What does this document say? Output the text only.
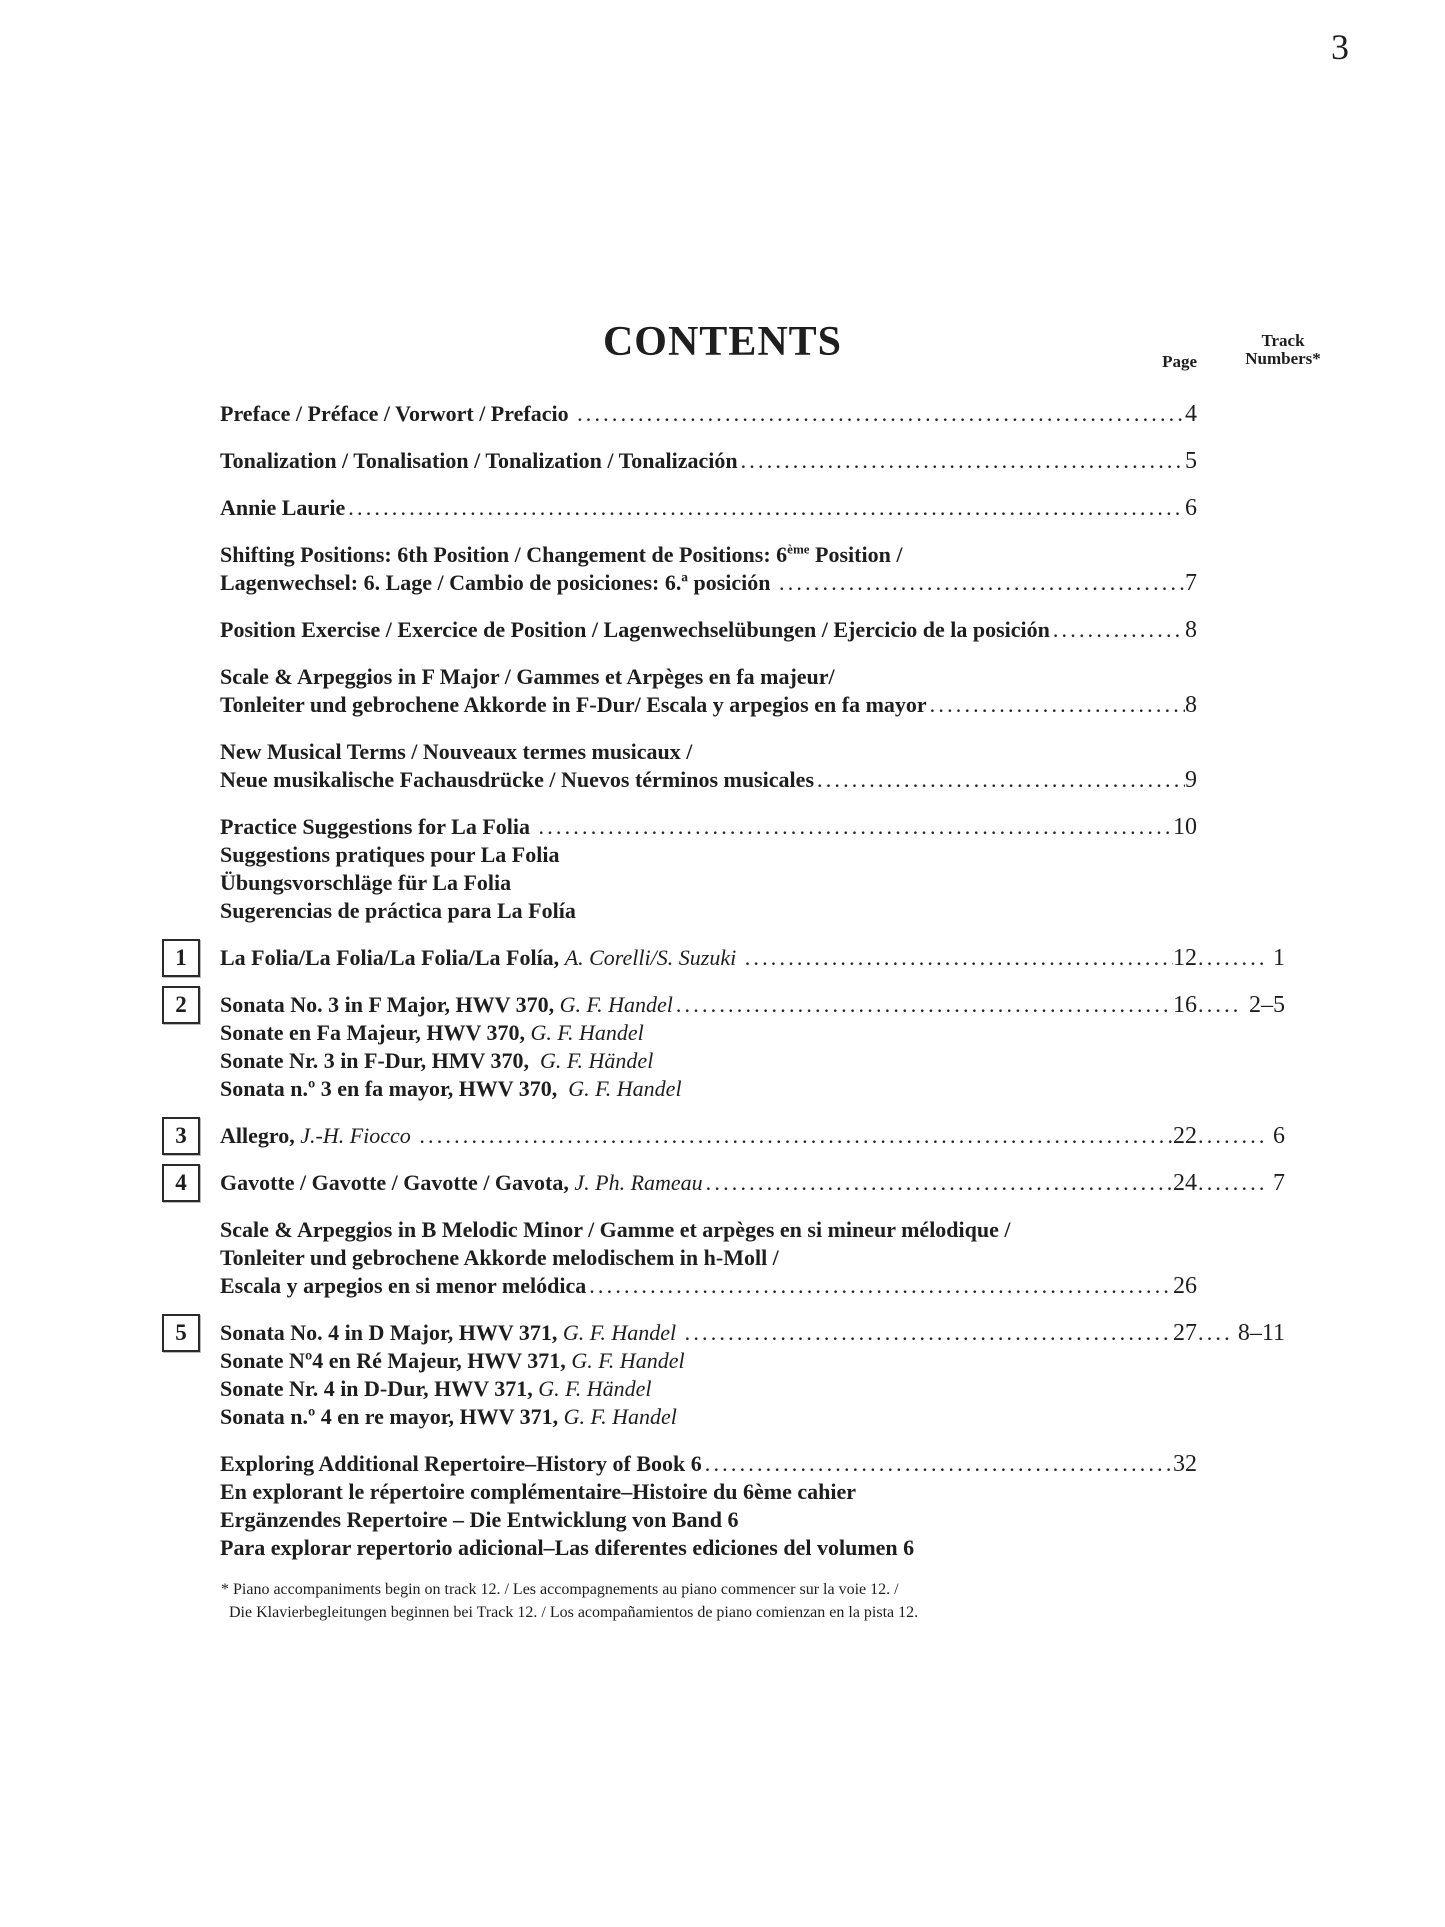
3
CONTENTS	Page
Track
Numbers*
Preface / Préface / Vorwort / Prefacio .....	4

Tonalization / Tonalisation / Tonalization / Tonalización .....	5

Annie Laurie .....	6

Shifting Positions: 6th Position / Changement de Positions: 6ème Position /
Lagenwechsel: 6. Lage / Cambio de posiciones: 6.ª posición .....	7

Position Exercise / Exercice de Position / Lagenwechselübungen / Ejercicio de la posición .....	8

Scale & Arpeggios in F Major / Gammes et Arpèges en fa majeur/
Tonleiter und gebrochene Akkorde in F-Dur/ Escala y arpegios en fa mayor .....	8

New Musical Terms / Nouveaux termes musicaux /
Neue musikalische Fachausdrücke / Nuevos términos musicales .....	9

Practice Suggestions for La Folia .....	10

Suggestions pratiques pour La Folia
Übungsvorschläge für La Folia
Sugerencias de práctica para La Folía
1	La Folia/La Folia/La Folia/La Folía, A. Corelli/S. Suzuki .....	12 .....	1
2	Sonata No. 3 in F Major, HWV 370, G. F. Handel .....	16 ..... 2–5
Sonate en Fa Majeur, HWV 370, G. F. Handel
Sonate Nr. 3 in F-Dur, HMV 370,  G. F. Händel
Sonata n.º 3 en fa mayor, HWV 370,  G. F. Handel
3	Allegro, J.-H. Fiocco .....	22 .....	6
4	Gavotte / Gavotte / Gavotte / Gavota, J. Ph. Rameau .....	24 .....	7
Scale & Arpeggios in B Melodic Minor / Gamme et arpèges en si mineur mélodique /
Tonleiter und gebrochene Akkorde melodischem in h-Moll /
Escala y arpegios en si menor melódica .....	26

5	Sonata No. 4 in D Major, HWV 371, G. F. Handel .....	27 ..... 8–11
Sonate Nº4 en Ré Majeur, HWV 371, G. F. Handel
Sonate Nr. 4 in D-Dur, HWV 371, G. F. Händel
Sonata n.º 4 en re mayor, HWV 371, G. F. Handel
Exploring Additional Repertoire–History of Book 6 .....	32

En explorant le répertoire complémentaire–Histoire du 6ème cahier
Ergänzendes Repertoire – Die Entwicklung von Band 6
Para explorar repertorio adicional–Las diferentes ediciones del volumen 6
* Piano accompaniments begin on track 12. / Les accompagnements au piano commencer sur la voie 12. /
Die Klavierbegleitungen beginnen bei Track 12. / Los acompañamientos de piano comienzan en la pista 12.
